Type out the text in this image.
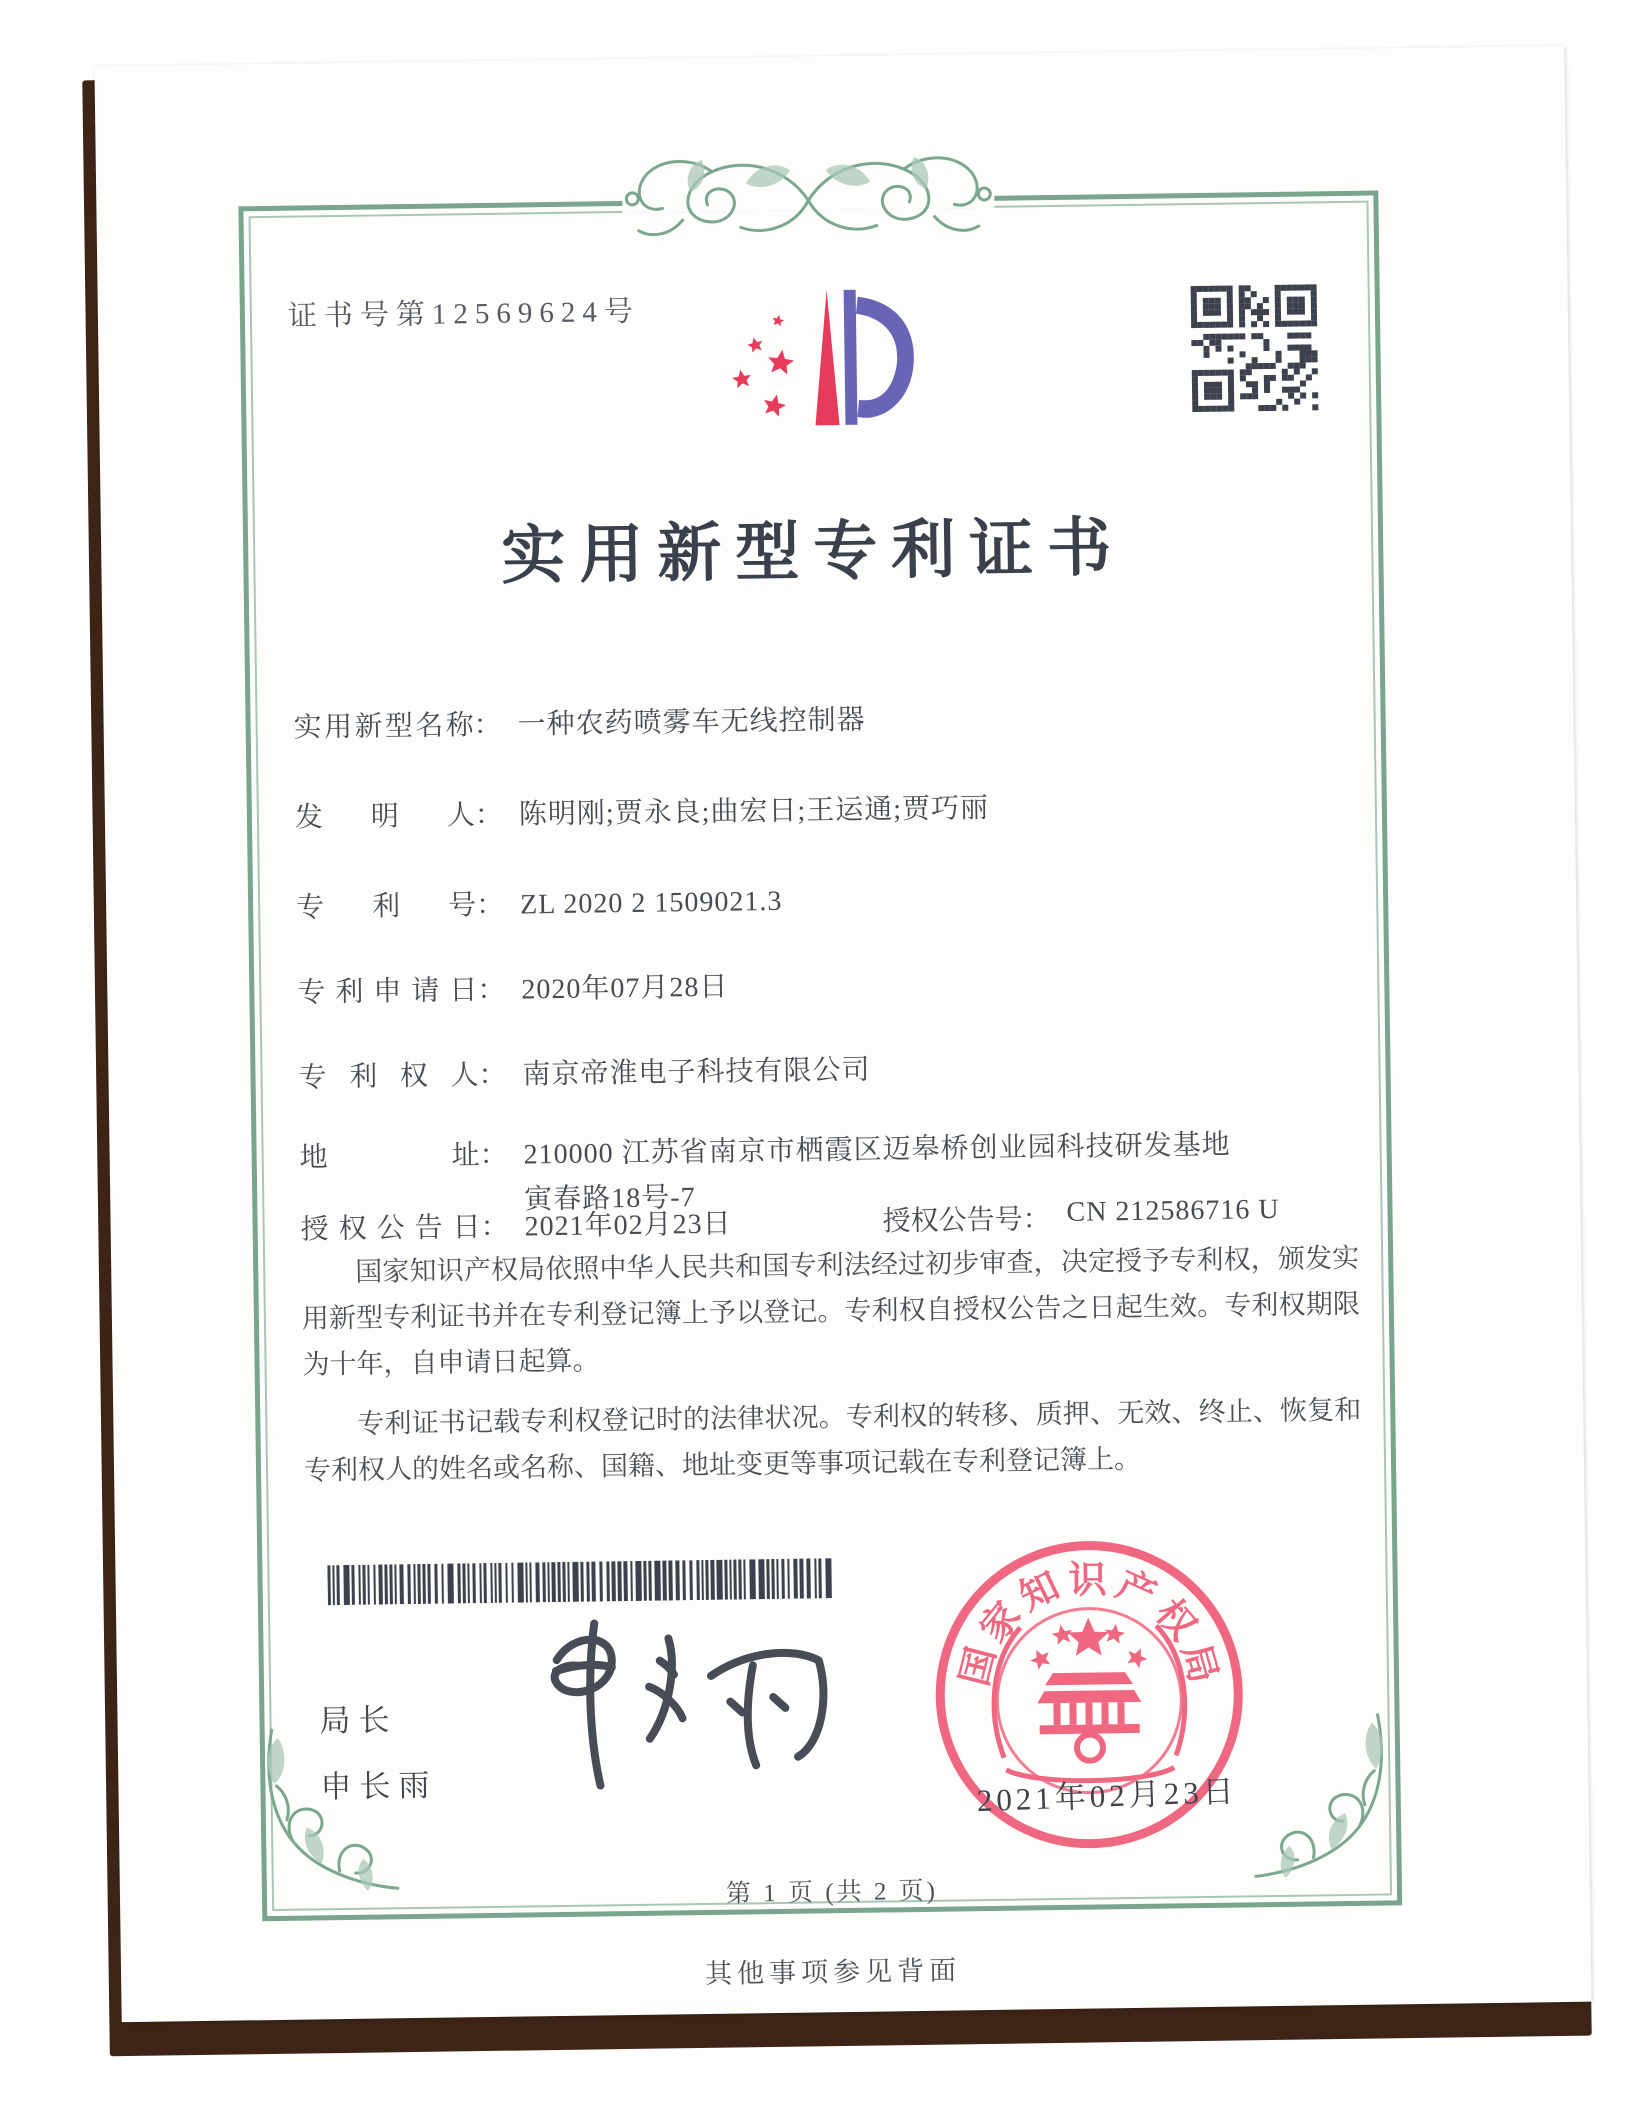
证书号第12569624号
实用新型专利证书
实用新型名称： 一种农药喷雾车无线控制器
发明人： 陈明刚;贾永良;曲宏日;王运通;贾巧丽
专利号： ZL 2020 2 1509021.3
专利申请日： 2020年07月28日
专利权人： 南京帝淮电子科技有限公司
地址： 210000 江苏省南京市栖霞区迈皋桥创业园科技研发基地
寅春路18号-7
授权公告日： 2021年02月23日	授权公告号： CN 212586716 U

国家知识产权局依照中华人民共和国专利法经过初步审查，决定授予专利权，颁发实用新型专利证书并在专利登记簿上予以登记。专利权自授权公告之日起生效。专利权期限为十年，自申请日起算。

专利证书记载专利权登记时的法律状况。专利权的转移、质押、无效、终止、恢复和专利权人的姓名或名称、国籍、地址变更等事项记载在专利登记簿上。

局长
申长雨
国
家
知 识 产
权
局
2021年02月23日
第 1 页 (共 2 页)
其他事项参见背面
